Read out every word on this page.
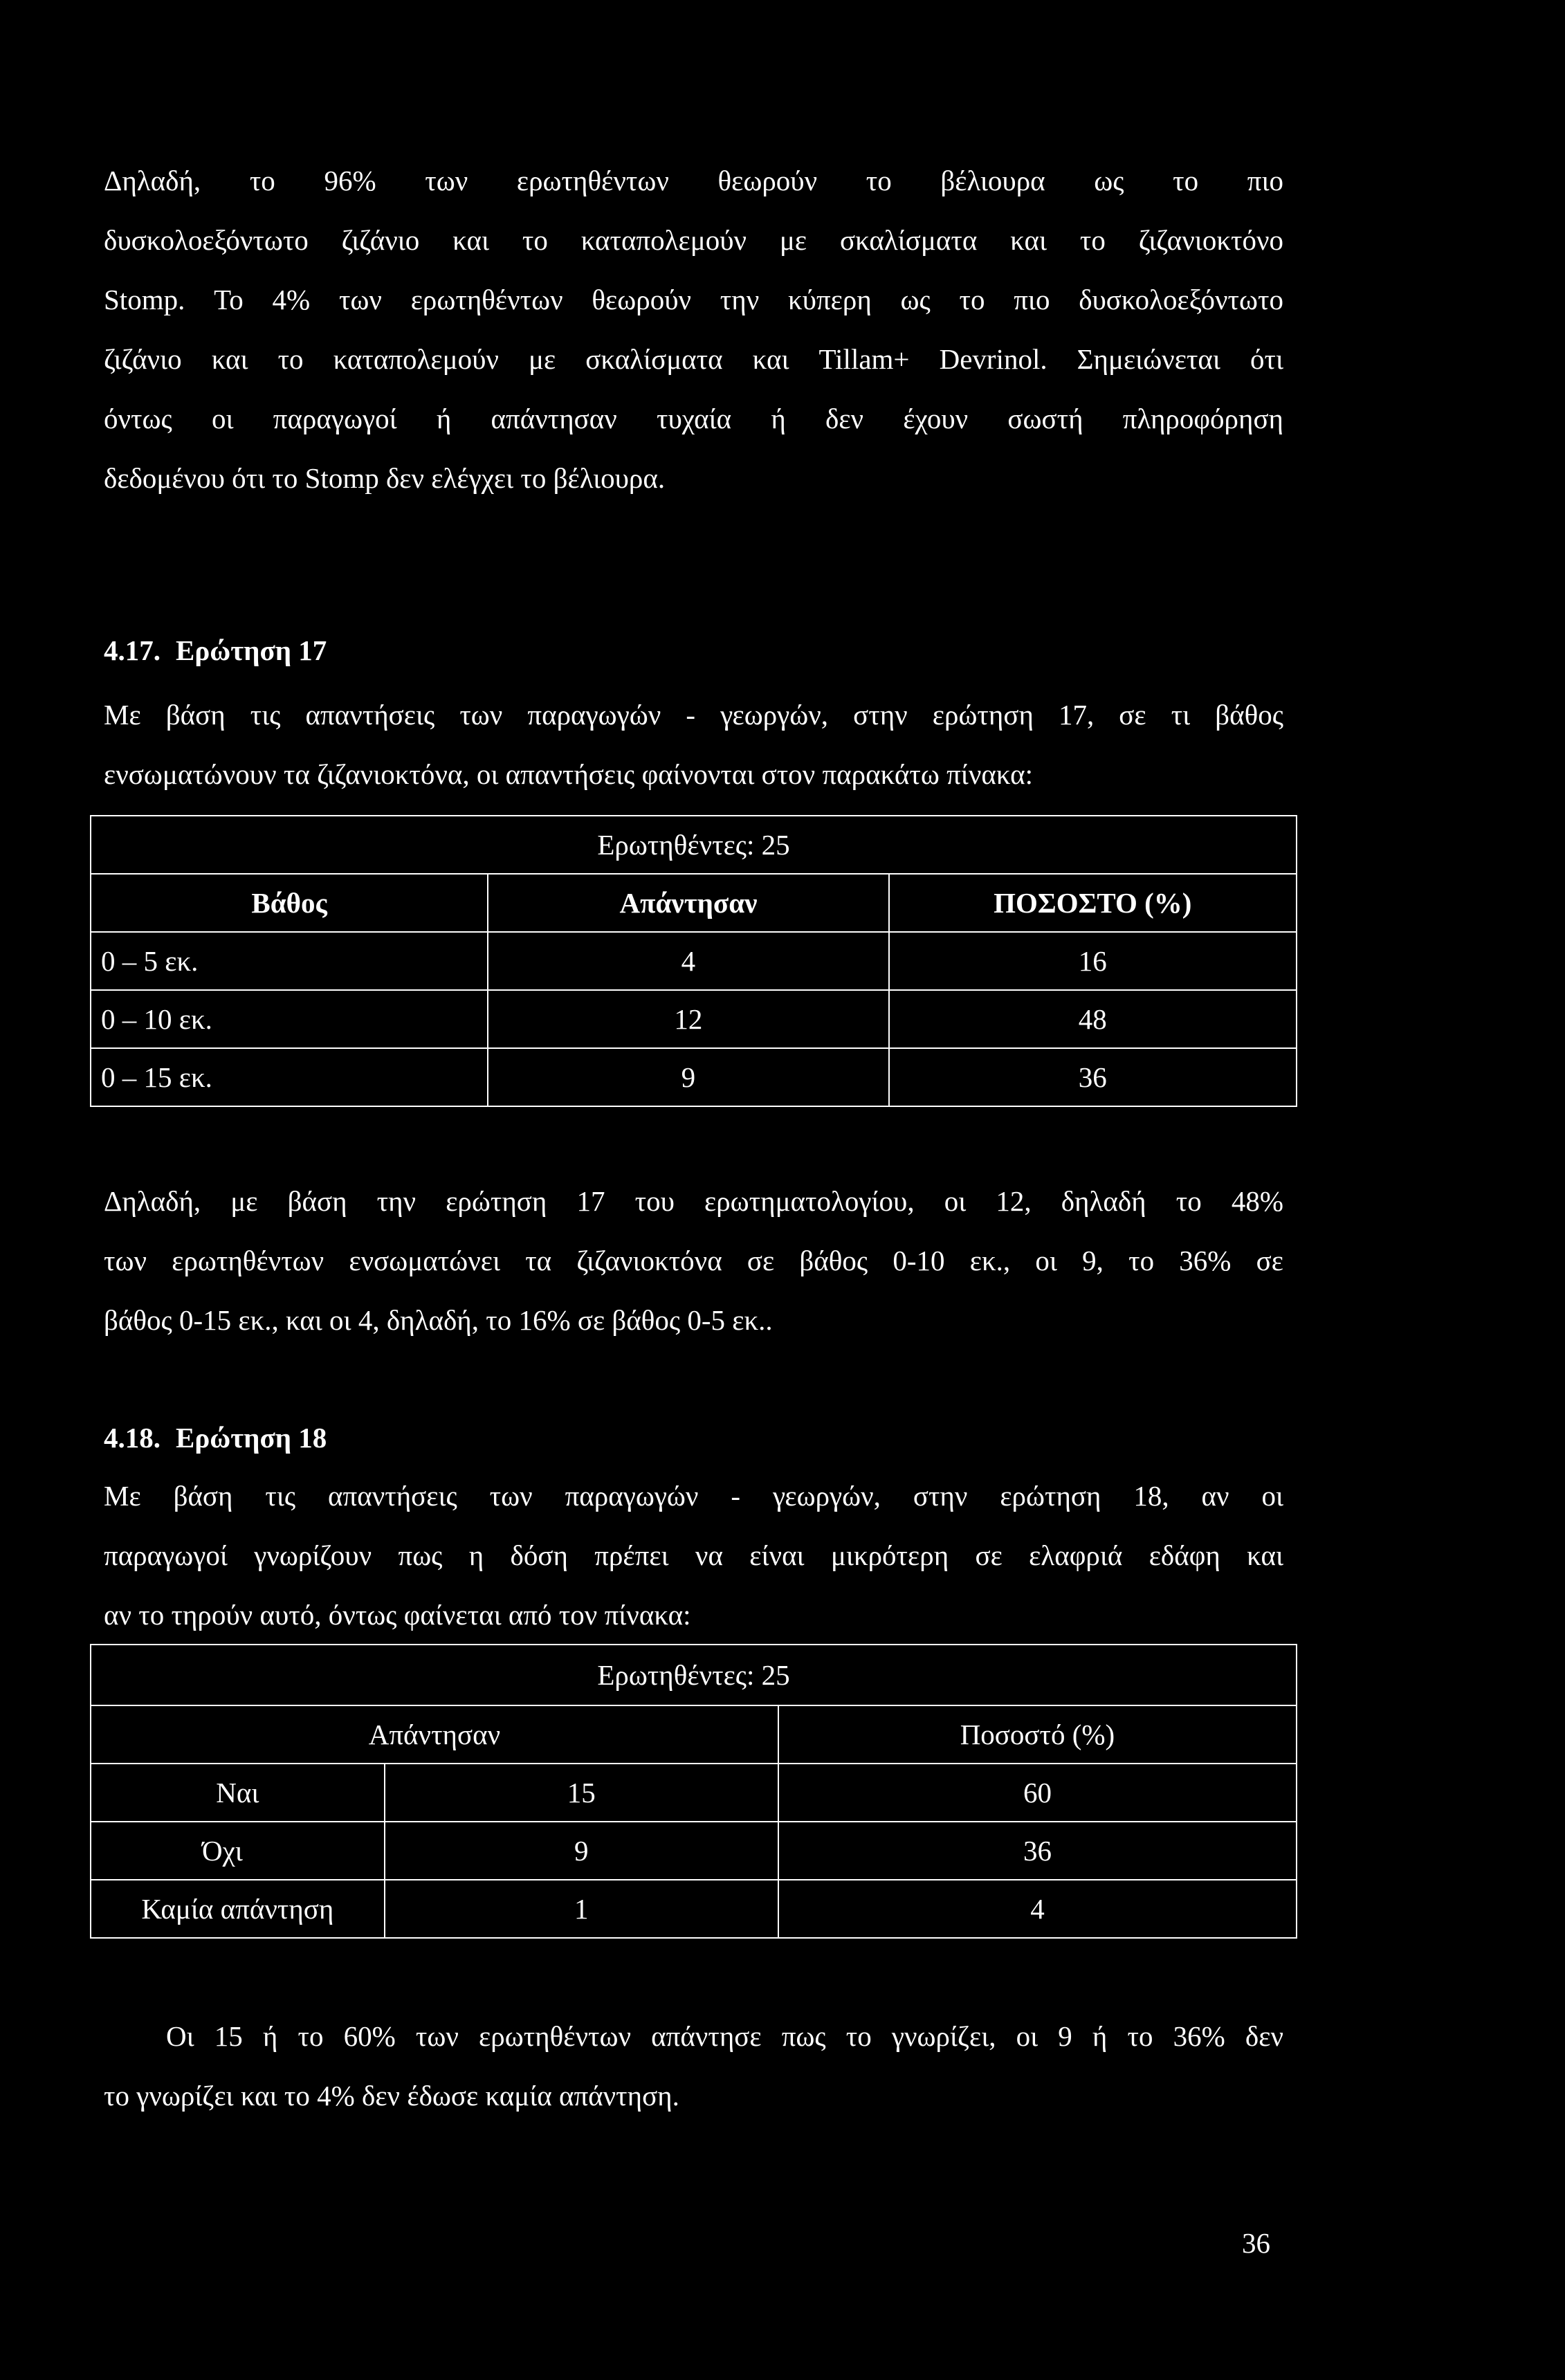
Δηλαδή, το 96% των ερωτηθέντων θεωρούν το βέλιουρα ως το πιο
δυσκολοεξόντωτο ζιζάνιο και το καταπολεμούν με σκαλίσματα και το ζιζανιοκτόνο
Stomp. Το 4% των ερωτηθέντων θεωρούν την κύπερη ως το πιο δυσκολοεξόντωτο
ζιζάνιο και το καταπολεμούν με σκαλίσματα και Tillam+ Devrinol. Σημειώνεται ότι
όντως οι παραγωγοί ή απάντησαν τυχαία ή δεν έχουν σωστή πληροφόρηση
δεδομένου ότι το Stomp δεν ελέγχει το βέλιουρα.

4.17. Ερώτηση 17

Με βάση τις απαντήσεις των παραγωγών - γεωργών, στην ερώτηση 17, σε τι βάθος
ενσωματώνουν τα ζιζανιοκτόνα, οι απαντήσεις φαίνονται στον παρακάτω πίνακα:

Ερωτηθέντες: 25		
Βάθος	Απάντησαν	ΠΟΣΟΣΤΟ (%)
0 – 5 εκ.	4	16
0 – 10 εκ.	12	48
0 – 15 εκ.	9	36

Δηλαδή, με βάση την ερώτηση 17 του ερωτηματολογίου, οι 12, δηλαδή το 48%
των ερωτηθέντων ενσωματώνει τα ζιζανιοκτόνα σε βάθος 0-10 εκ., οι 9, το 36% σε
βάθος 0-15 εκ., και οι 4, δηλαδή, το 16% σε βάθος 0-5 εκ..

4.18. Ερώτηση 18

Με βάση τις απαντήσεις των παραγωγών - γεωργών, στην ερώτηση 18, αν οι
παραγωγοί γνωρίζουν πως η δόση πρέπει να είναι μικρότερη σε ελαφριά εδάφη και
αν το τηρούν αυτό, όντως φαίνεται από τον πίνακα:

Ερωτηθέντες: 25		
Απάντησαν		Ποσοστό (%)
Ναι	15	60
Όχι	9	36
Καμία απάντηση	1	4

Οι 15 ή το 60% των ερωτηθέντων απάντησε πως το γνωρίζει, οι 9 ή το 36% δεν
το γνωρίζει και το 4% δεν έδωσε καμία απάντηση.

36
